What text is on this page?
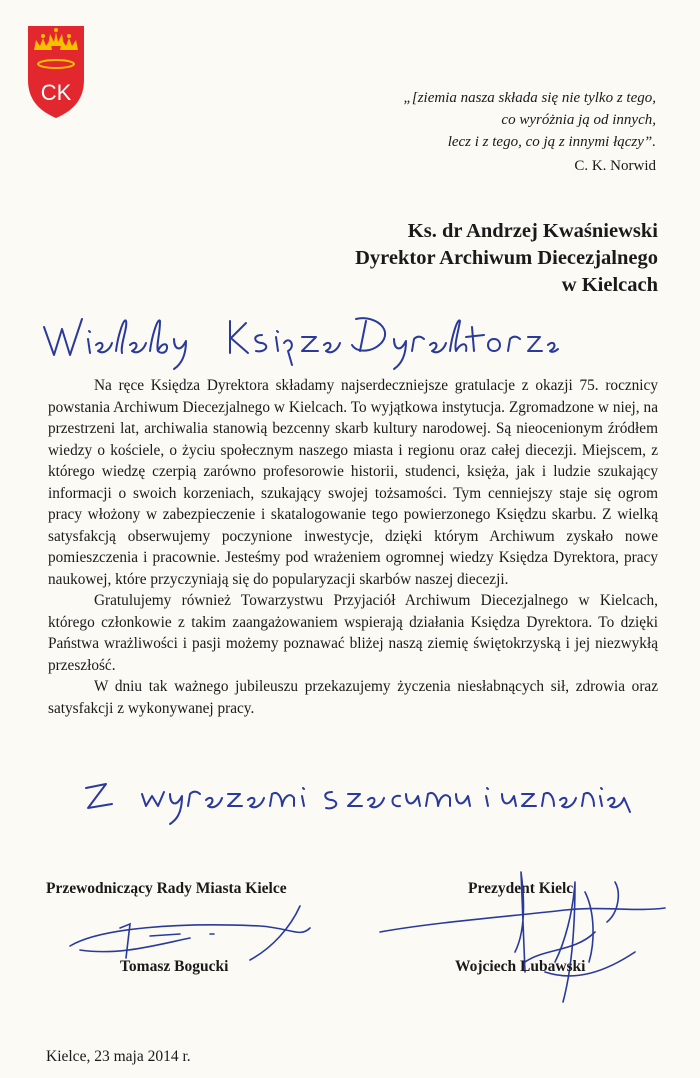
CK	„[ziemia nasza składa się nie tylko z tego,
co wyróżnia ją od innych,
lecz i z tego, co ją z innymi łączy”.
C. K. Norwid
Ks. dr Andrzej Kwaśniewski
Dyrektor Archiwum Diecezjalnego
w Kielcach

Na ręce Księdza Dyrektora składamy najserdeczniejsze gratulacje z okazji 75. rocznicy powstania Archiwum Diecezjalnego w Kielcach. To wyjątkowa instytucja. Zgromadzone w niej, na przestrzeni lat, archiwalia stanowią bezcenny skarb kultury narodowej. Są nieocenionym źródłem wiedzy o kościele, o życiu społecznym naszego miasta i regionu oraz całej diecezji. Miejscem, z którego wiedzę czerpią zarówno profesorowie historii, studenci, księża, jak i ludzie szukający informacji o swoich korzeniach, szukający swojej tożsamości. Tym cenniejszy staje się ogrom pracy włożony w zabezpieczenie i skatalogowanie tego powierzonego Księdzu skarbu. Z wielką satysfakcją obserwujemy poczynione inwestycje, dzięki którym Archiwum zyskało nowe pomieszczenia i pracownie. Jesteśmy pod wrażeniem ogromnej wiedzy Księdza Dyrektora, pracy naukowej, które przyczyniają się do popularyzacji skarbów naszej diecezji.

Gratulujemy również Towarzystwu Przyjaciół Archiwum Diecezjalnego w Kielcach, którego członkowie z takim zaangażowaniem wspierają działania Księdza Dyrektora. To dzięki Państwa wrażliwości i pasji możemy poznawać bliżej naszą ziemię świętokrzyską i jej niezwykłą przeszłość.

W dniu tak ważnego jubileuszu przekazujemy życzenia niesłabnących sił, zdrowia oraz satysfakcji z wykonywanej pracy.

Przewodniczący Rady Miasta Kielce	Prezydent Kielc
Tomasz Bogucki	Wojciech Lubawski
Kielce, 23 maja 2014 r.
